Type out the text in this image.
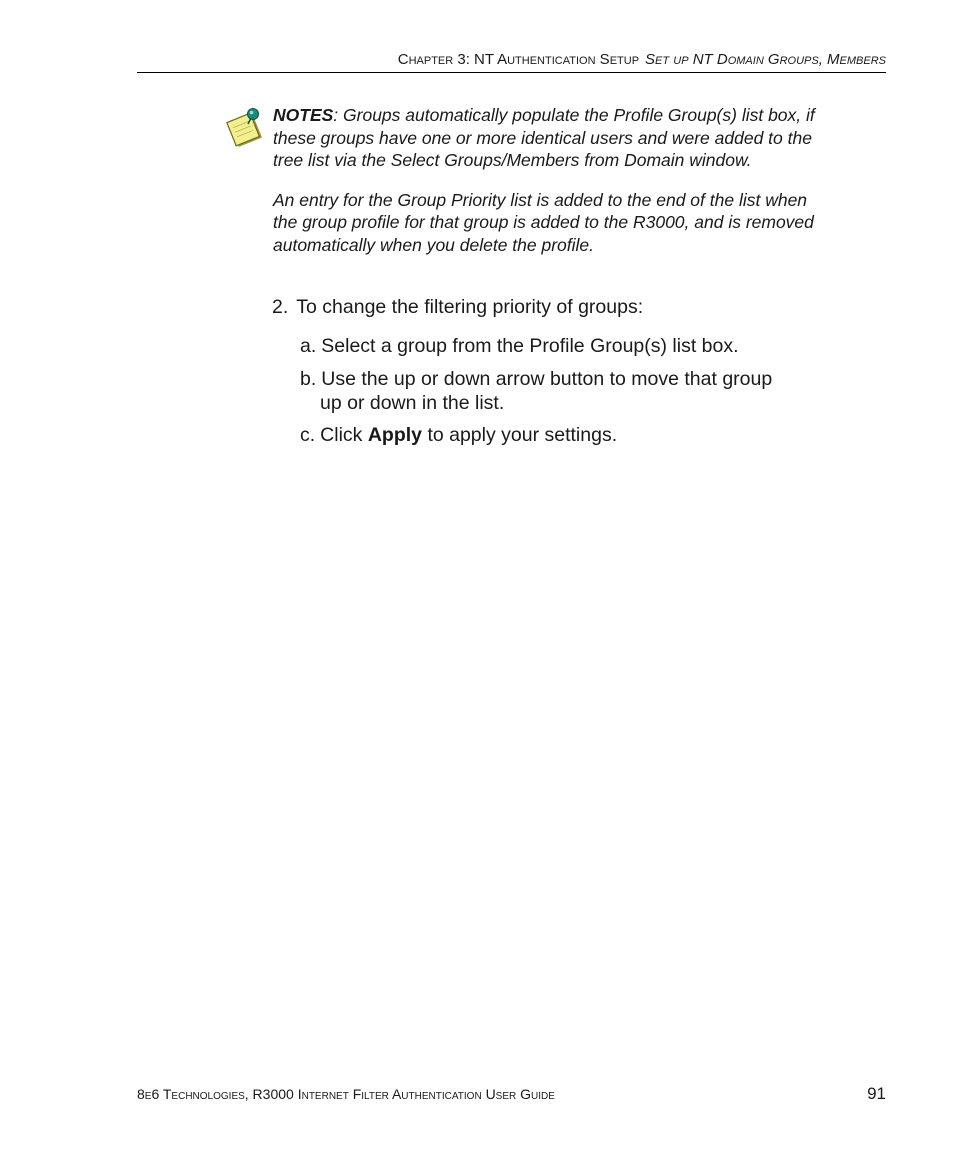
Chapter 3: NT Authentication Setup Set up NT Domain Groups, Members

NOTES: Groups automatically populate the Profile Group(s) list box, if these groups have one or more identical users and were added to the tree list via the Select Groups/Members from Domain window.

An entry for the Group Priority list is added to the end of the list when the group profile for that group is added to the R3000, and is removed automatically when you delete the profile.

2. To change the filtering priority of groups:
a. Select a group from the Profile Group(s) list box.
b. Use the up or down arrow button to move that group
up or down in the list.
c. Click Apply to apply your settings.
8e6 Technologies, R3000 Internet Filter Authentication User Guide	91
